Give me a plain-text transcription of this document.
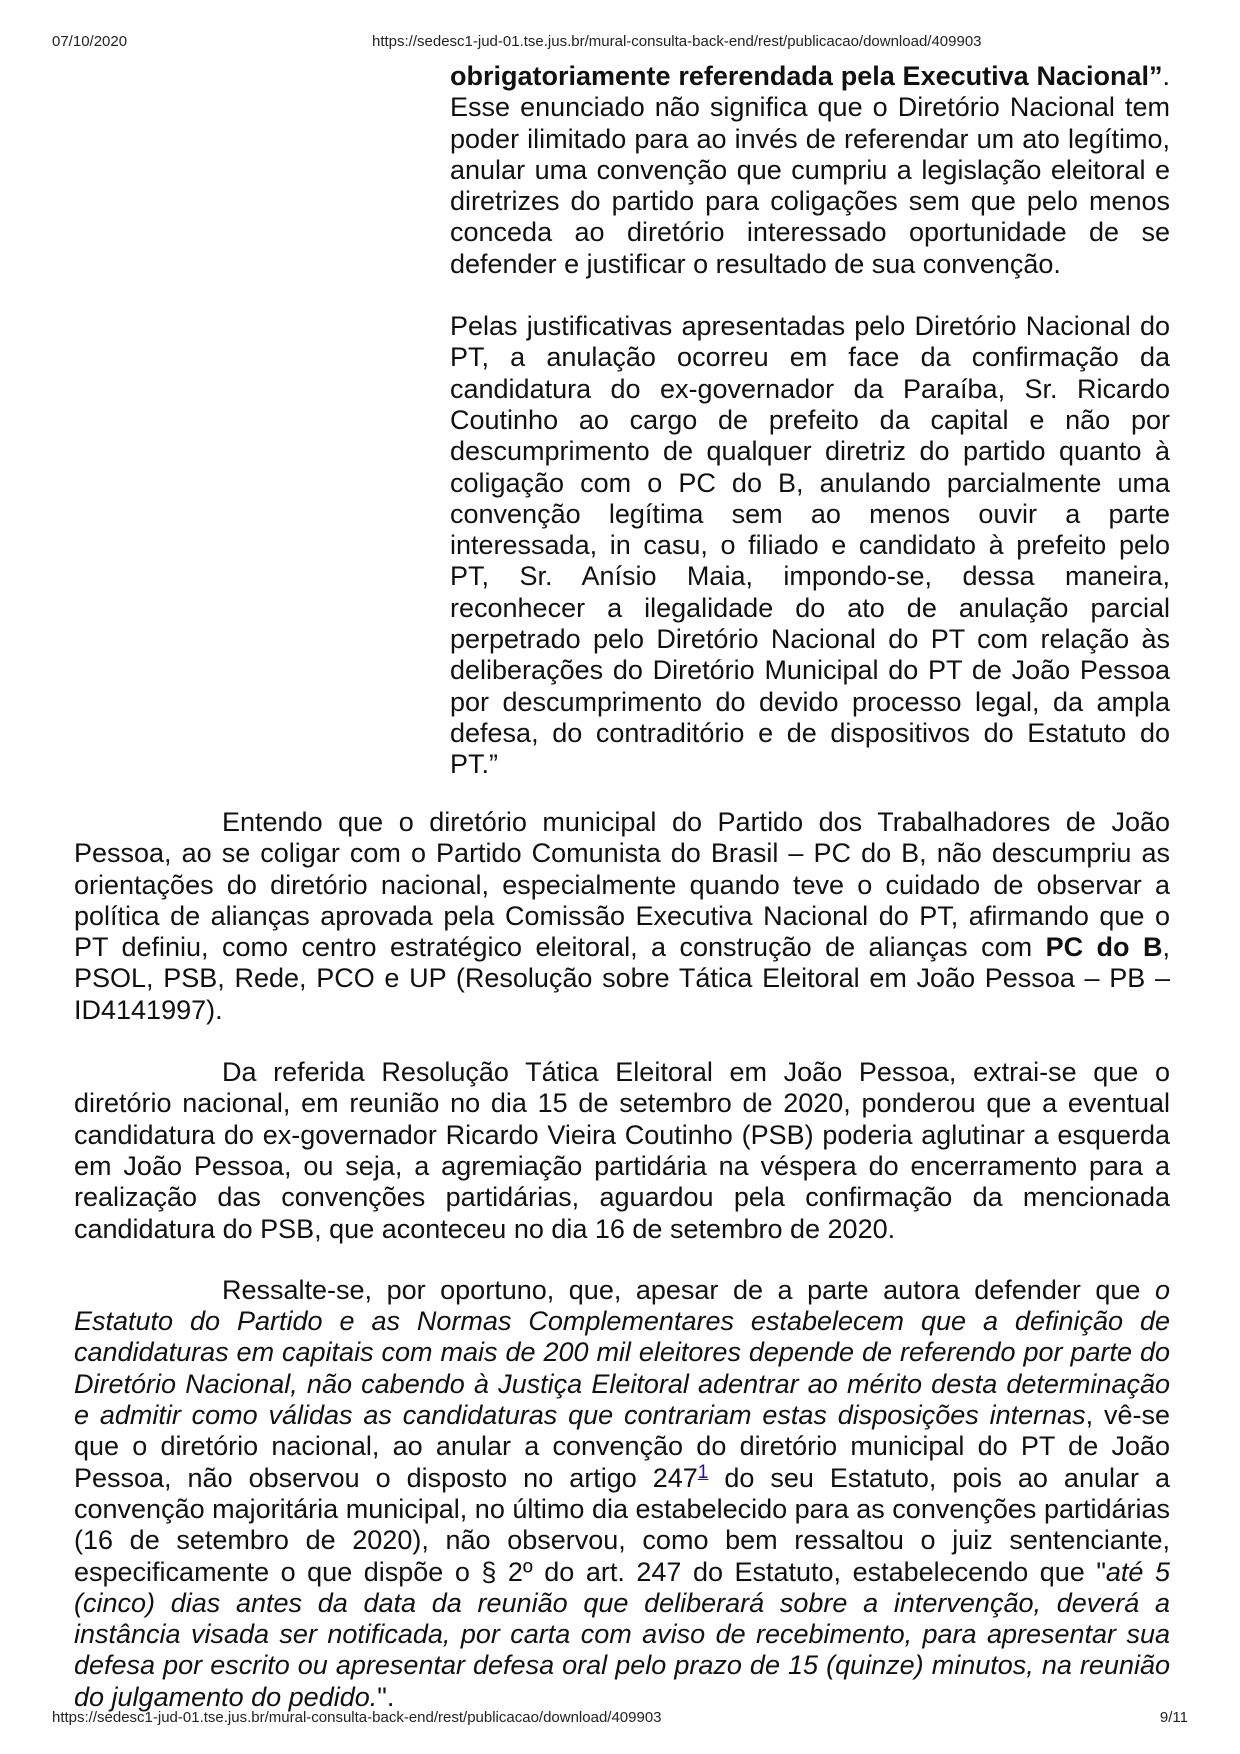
07/10/2020	https://sedesc1-jud-01.tse.jus.br/mural-consulta-back-end/rest/publicacao/download/409903

obrigatoriamente referendada pela Executiva Nacional”. Esse enunciado não significa que o Diretório Nacional tem poder ilimitado para ao invés de referendar um ato legítimo, anular uma convenção que cumpriu a legislação eleitoral e diretrizes do partido para coligações sem que pelo menos conceda ao diretório interessado oportunidade de se defender e justificar o resultado de sua convenção.

Pelas justificativas apresentadas pelo Diretório Nacional do PT, a anulação ocorreu em face da confirmação da candidatura do ex-governador da Paraíba, Sr. Ricardo Coutinho ao cargo de prefeito da capital e não por descumprimento de qualquer diretriz do partido quanto à coligação com o PC do B, anulando parcialmente uma convenção legítima sem ao menos ouvir a parte interessada, in casu, o filiado e candidato à prefeito pelo PT, Sr. Anísio Maia, impondo-se, dessa maneira, reconhecer a ilegalidade do ato de anulação parcial perpetrado pelo Diretório Nacional do PT com relação às deliberações do Diretório Municipal do PT de João Pessoa por descumprimento do devido processo legal, da ampla defesa, do contraditório e de dispositivos do Estatuto do PT.”

Entendo que o diretório municipal do Partido dos Trabalhadores de João Pessoa, ao se coligar com o Partido Comunista do Brasil – PC do B, não descumpriu as orientações do diretório nacional, especialmente quando teve o cuidado de observar a política de alianças aprovada pela Comissão Executiva Nacional do PT, afirmando que o PT definiu, como centro estratégico eleitoral, a construção de alianças com PC do B, PSOL, PSB, Rede, PCO e UP (Resolução sobre Tática Eleitoral em João Pessoa – PB – ID4141997).

Da referida Resolução Tática Eleitoral em João Pessoa, extrai-se que o diretório nacional, em reunião no dia 15 de setembro de 2020, ponderou que a eventual candidatura do ex-governador Ricardo Vieira Coutinho (PSB) poderia aglutinar a esquerda em João Pessoa, ou seja, a agremiação partidária na véspera do encerramento para a realização das convenções partidárias, aguardou pela confirmação da mencionada candidatura do PSB, que aconteceu no dia 16 de setembro de 2020.

Ressalte-se, por oportuno, que, apesar de a parte autora defender que o Estatuto do Partido e as Normas Complementares estabelecem que a definição de candidaturas em capitais com mais de 200 mil eleitores depende de referendo por parte do Diretório Nacional, não cabendo à Justiça Eleitoral adentrar ao mérito desta determinação e admitir como válidas as candidaturas que contrariam estas disposições internas, vê-se que o diretório nacional, ao anular a convenção do diretório municipal do PT de João Pessoa, não observou o disposto no artigo 247$^1$ do seu Estatuto, pois ao anular a convenção majoritária municipal, no último dia estabelecido para as convenções partidárias (16 de setembro de 2020), não observou, como bem ressaltou o juiz sentenciante, especificamente o que dispõe o § 2º do art. 247 do Estatuto, estabelecendo que "até 5 (cinco) dias antes da data da reunião que deliberará sobre a intervenção, deverá a instância visada ser notificada, por carta com aviso de recebimento, para apresentar sua defesa por escrito ou apresentar defesa oral pelo prazo de 15 (quinze) minutos, na reunião do julgamento do pedido.".

https://sedesc1-jud-01.tse.jus.br/mural-consulta-back-end/rest/publicacao/download/409903	9/11
